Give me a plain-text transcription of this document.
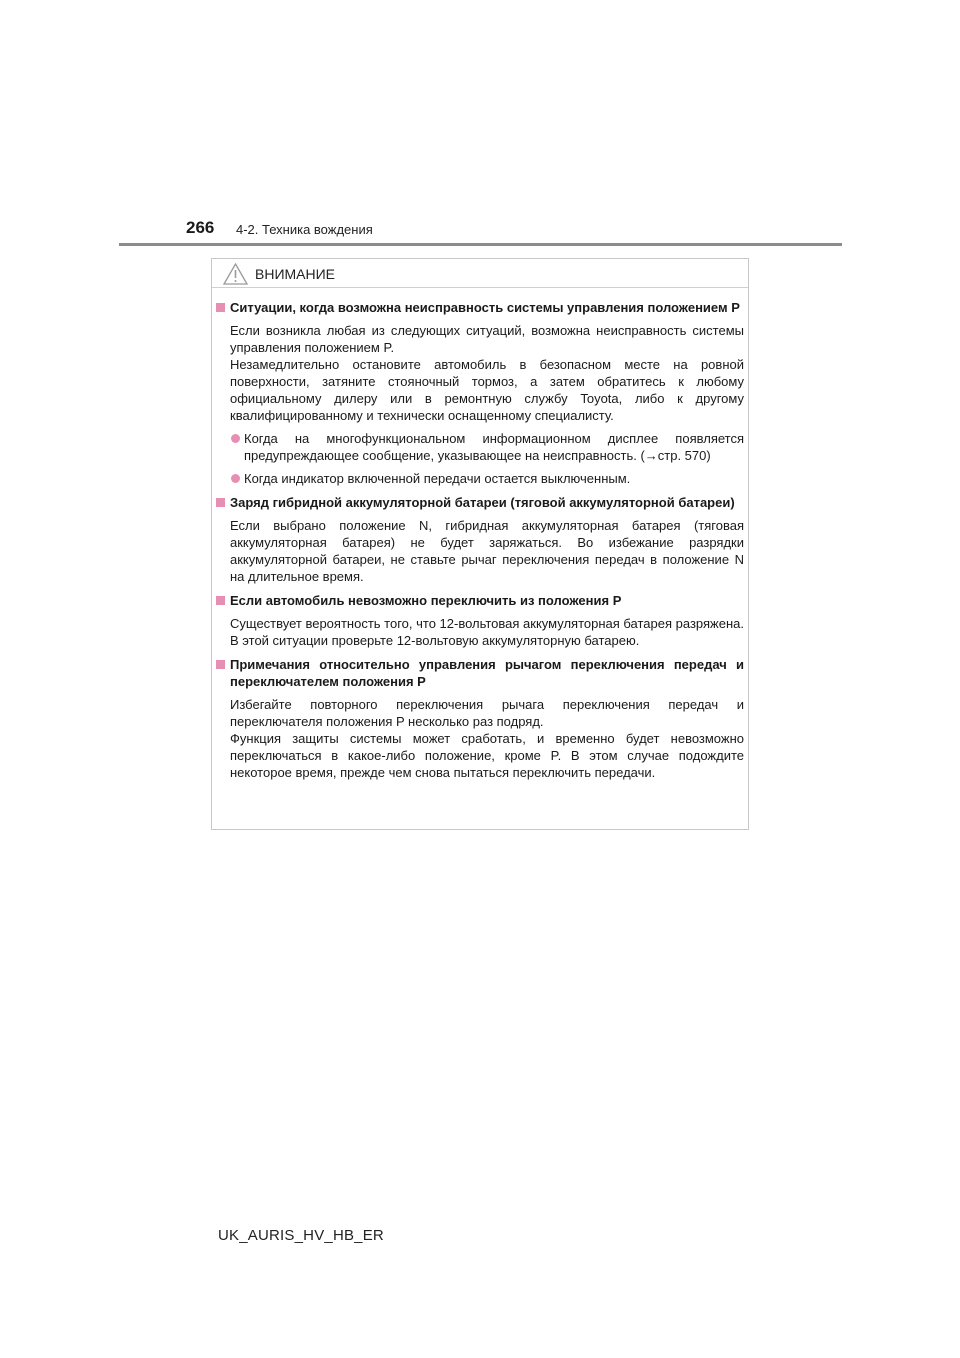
266 4-2. Техника вождения
ВНИМАНИЕ
Ситуации, когда возможна неисправность системы управления положением P

Если возникла любая из следующих ситуаций, возможна неисправность системы управления положением P.

Незамедлительно остановите автомобиль в безопасном месте на ровной поверхности, затяните стояночный тормоз, а затем обратитесь к любому официальному дилеру или в ремонтную службу Toyota, либо к другому квалифицированному и технически оснащенному специалисту.

Когда на многофункциональном информационном дисплее появляется предупреждающее сообщение, указывающее на неисправность. (→стр. 570)
Когда индикатор включенной передачи остается выключенным.
Заряд гибридной аккумуляторной батареи (тяговой аккумуляторной батареи)

Если выбрано положение N, гибридная аккумуляторная батарея (тяговая аккумуляторная батарея) не будет заряжаться. Во избежание разрядки аккумуляторной батареи, не ставьте рычаг переключения передач в положение N на длительное время.

Если автомобиль невозможно переключить из положения P

Существует вероятность того, что 12-вольтовая аккумуляторная батарея разряжена. В этой ситуации проверьте 12-вольтовую аккумуляторную батарею.

Примечания относительно управления рычагом переключения передач и переключателем положения P

Избегайте повторного переключения рычага переключения передач и переключателя положения P несколько раз подряд.

Функция защиты системы может сработать, и временно будет невозможно переключаться в какое-либо положение, кроме P. В этом случае подождите некоторое время, прежде чем снова пытаться переключить передачи.

UK_AURIS_HV_HB_ER
